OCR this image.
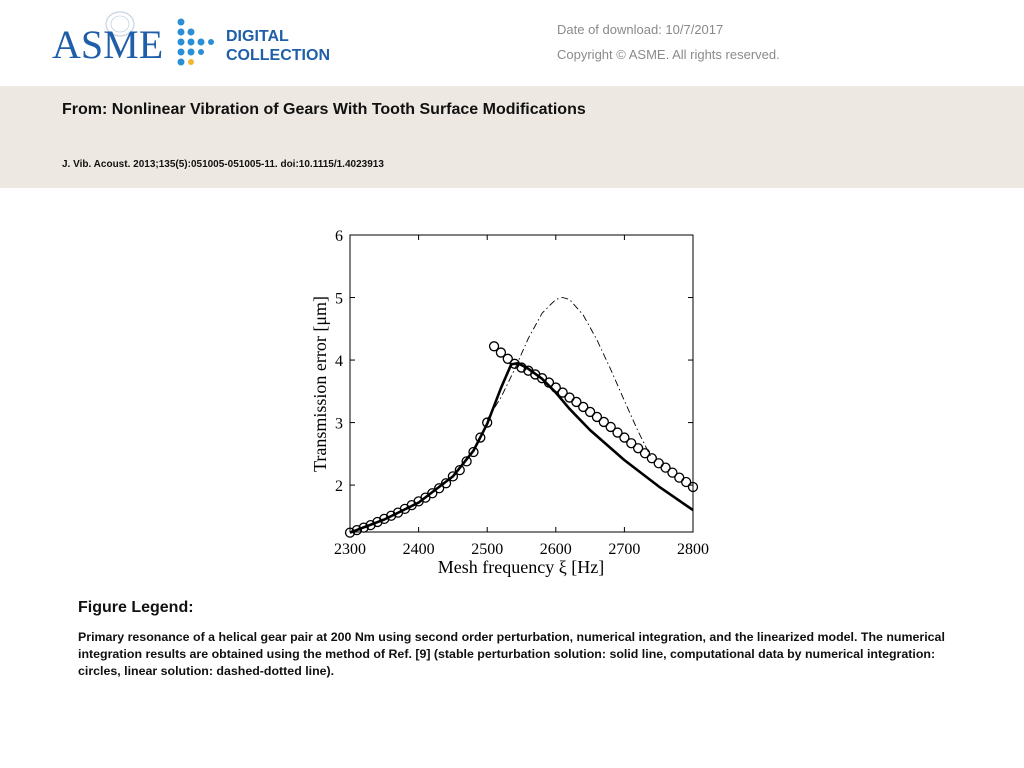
ASME	DIGITAL
COLLECTION
Date of download: 10/7/2017
Copyright © ASME. All rights reserved.
From: Nonlinear Vibration of Gears With Tooth Surface Modifications
J. Vib. Acoust. 2013;135(5):051005-051005-11. doi:10.1115/1.4023913
2300 2400 2500 2600 2700 2800
2
3
4
5
6
Mesh frequency ξ [Hz]
Transmission error [μm]
Figure Legend:
Primary resonance of a helical gear pair at 200 Nm using second order perturbation, numerical integration, and the linearized model. The numerical integration results are obtained using the method of Ref. [9] (stable perturbation solution: solid line, computational data by numerical integration: circles, linear solution: dashed-dotted line).
